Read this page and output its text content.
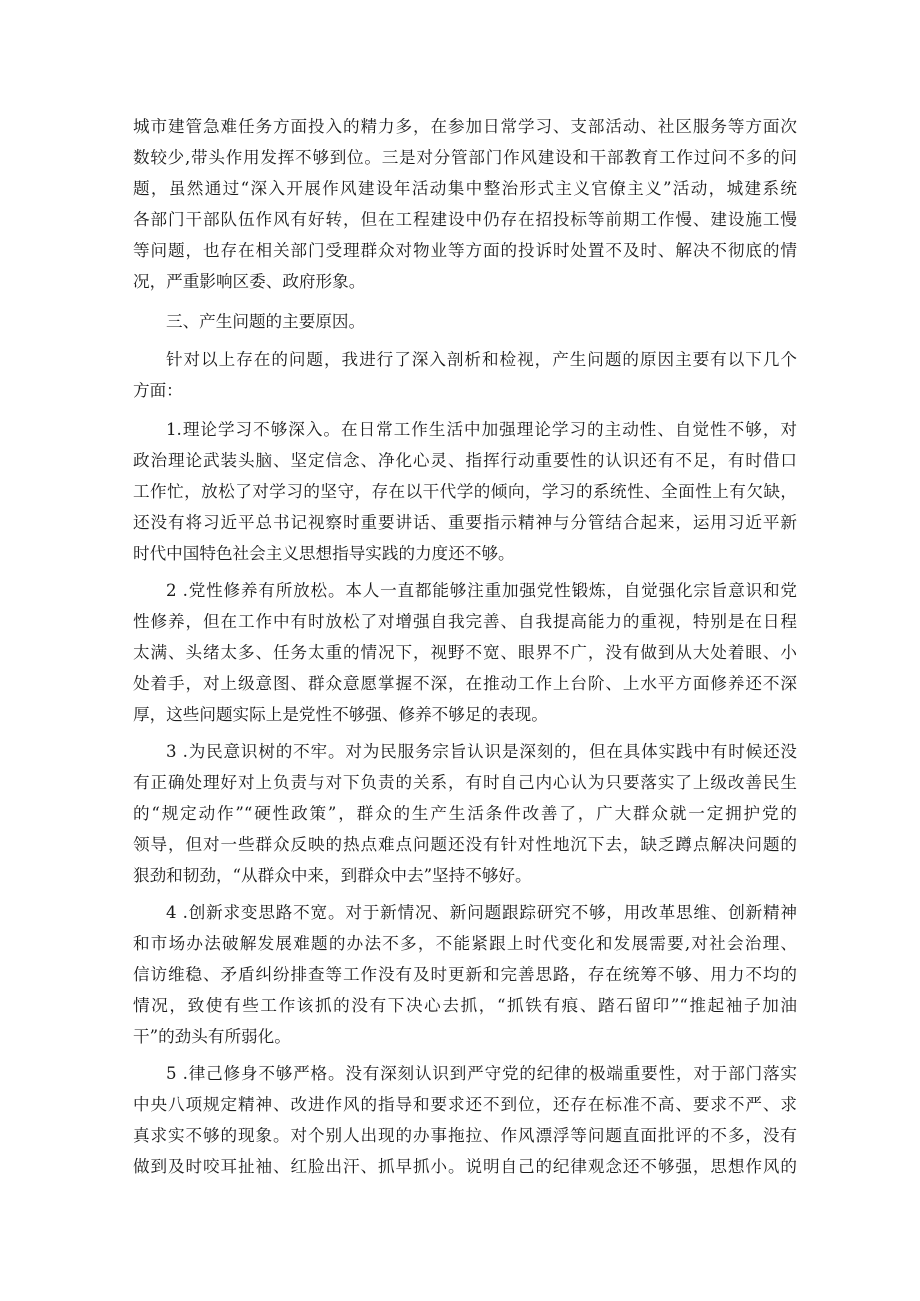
城市建管急难任务方面投入的精力多，在参加日常学习、支部活动、社区服务等方面次
数较少,带头作用发挥不够到位。三是对分管部门作风建设和干部教育工作过问不多的问
题，虽然通过“深入开展作风建设年活动集中整治形式主义官僚主义”活动，城建系统
各部门干部队伍作风有好转，但在工程建设中仍存在招投标等前期工作慢、建设施工慢
等问题，也存在相关部门受理群众对物业等方面的投诉时处置不及时、解决不彻底的情
况，严重影响区委、政府形象。
三、产生问题的主要原因。
针对以上存在的问题，我进行了深入剖析和检视，产生问题的原因主要有以下几个
方面：
1.理论学习不够深入。在日常工作生活中加强理论学习的主动性、自觉性不够，对
政治理论武装头脑、坚定信念、净化心灵、指挥行动重要性的认识还有不足，有时借口
工作忙，放松了对学习的坚守，存在以干代学的倾向，学习的系统性、全面性上有欠缺，
还没有将习近平总书记视察时重要讲话、重要指示精神与分管结合起来，运用习近平新
时代中国特色社会主义思想指导实践的力度还不够。
2 .党性修养有所放松。本人一直都能够注重加强党性锻炼，自觉强化宗旨意识和党
性修养，但在工作中有时放松了对增强自我完善、自我提高能力的重视，特别是在日程
太满、头绪太多、任务太重的情况下，视野不宽、眼界不广，没有做到从大处着眼、小
处着手，对上级意图、群众意愿掌握不深，在推动工作上台阶、上水平方面修养还不深
厚，这些问题实际上是党性不够强、修养不够足的表现。
3 .为民意识树的不牢。对为民服务宗旨认识是深刻的，但在具体实践中有时候还没
有正确处理好对上负责与对下负责的关系，有时自己内心认为只要落实了上级改善民生
的“规定动作”“硬性政策”，群众的生产生活条件改善了，广大群众就一定拥护党的
领导，但对一些群众反映的热点难点问题还没有针对性地沉下去，缺乏蹲点解决问题的
狠劲和韧劲，“从群众中来，到群众中去”坚持不够好。
4 .创新求变思路不宽。对于新情况、新问题跟踪研究不够，用改革思维、创新精神
和市场办法破解发展难题的办法不多，不能紧跟上时代变化和发展需要,对社会治理、
信访维稳、矛盾纠纷排查等工作没有及时更新和完善思路，存在统筹不够、用力不均的
情况，致使有些工作该抓的没有下决心去抓，“抓铁有痕、踏石留印”“推起袖子加油
干”的劲头有所弱化。
5 .律己修身不够严格。没有深刻认识到严守党的纪律的极端重要性，对于部门落实
中央八项规定精神、改进作风的指导和要求还不到位，还存在标准不高、要求不严、求
真求实不够的现象。对个别人出现的办事拖拉、作风漂浮等问题直面批评的不多，没有
做到及时咬耳扯袖、红脸出汗、抓早抓小。说明自己的纪律观念还不够强，思想作风的
